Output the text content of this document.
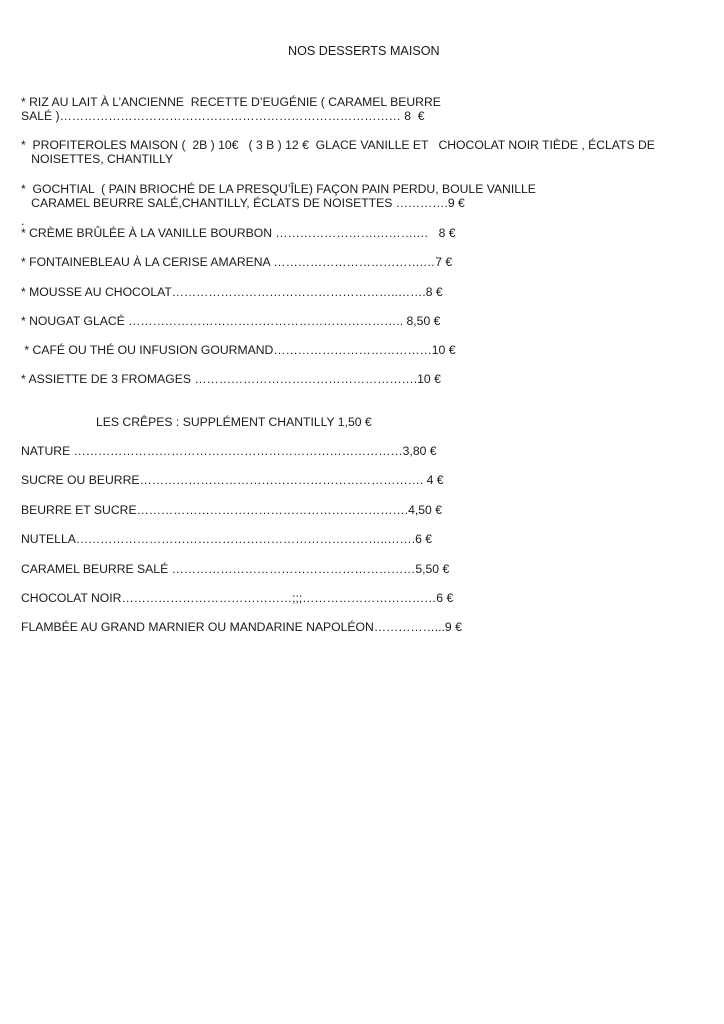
NOS DESSERTS MAISON
* RIZ AU LAIT À L’ANCIENNE  RECETTE D’EUGÉNIE ( CARAMEL BEURRE
SALÉ )………………………………………………………………………… 8  €
*  PROFITEROLES MAISON (  2B ) 10€   ( 3 B ) 12 €  GLACE VANILLE ET   CHOCOLAT NOIR TIÈDE , ÉCLATS DE
NOISETTES, CHANTILLY
*  GOCHTIAL  ( PAIN BRIOCHÉ DE LA PRESQU’ÎLE) FAÇON PAIN PERDU, BOULE VANILLE
CARAMEL BEURRE SALÉ,CHANTILLY, ÉCLATS DE NOISETTES ………….9 €
.
* CRÈME BRÛLÉE À LA VANILLE BOURBON …………………….……….…   8 €
* FONTAINEBLEAU À LA CERISE AMARENA ……………………………….…7 €
* MOUSSE AU CHOCOLAT………………………………………………..…….8 €
* NOUGAT GLACÉ ………………………………………………………….. 8,50 €
* CAFÉ OU THÉ OU INFUSION GOURMAND…………………………………10 €
* ASSIETTE DE 3 FROMAGES ……………………………………………….10 €
LES CRÊPES : SUPPLÉMENT CHANTILLY 1,50 €
NATURE ………………………………………………………………………3,80 €
SUCRE OU BEURRE……………………………………………………………. 4 €
BEURRE ET SUCRE………………………………………………………….4,50 €
NUTELLA…………………………………………………………………..…….6 €
CARAMEL BEURRE SALÉ ……………………………………………………5,50 €
CHOCOLAT NOIR……………………………………;;;……………………………6 €
FLAMBÉE AU GRAND MARNIER OU MANDARINE NAPOLÉON……………...9 €
